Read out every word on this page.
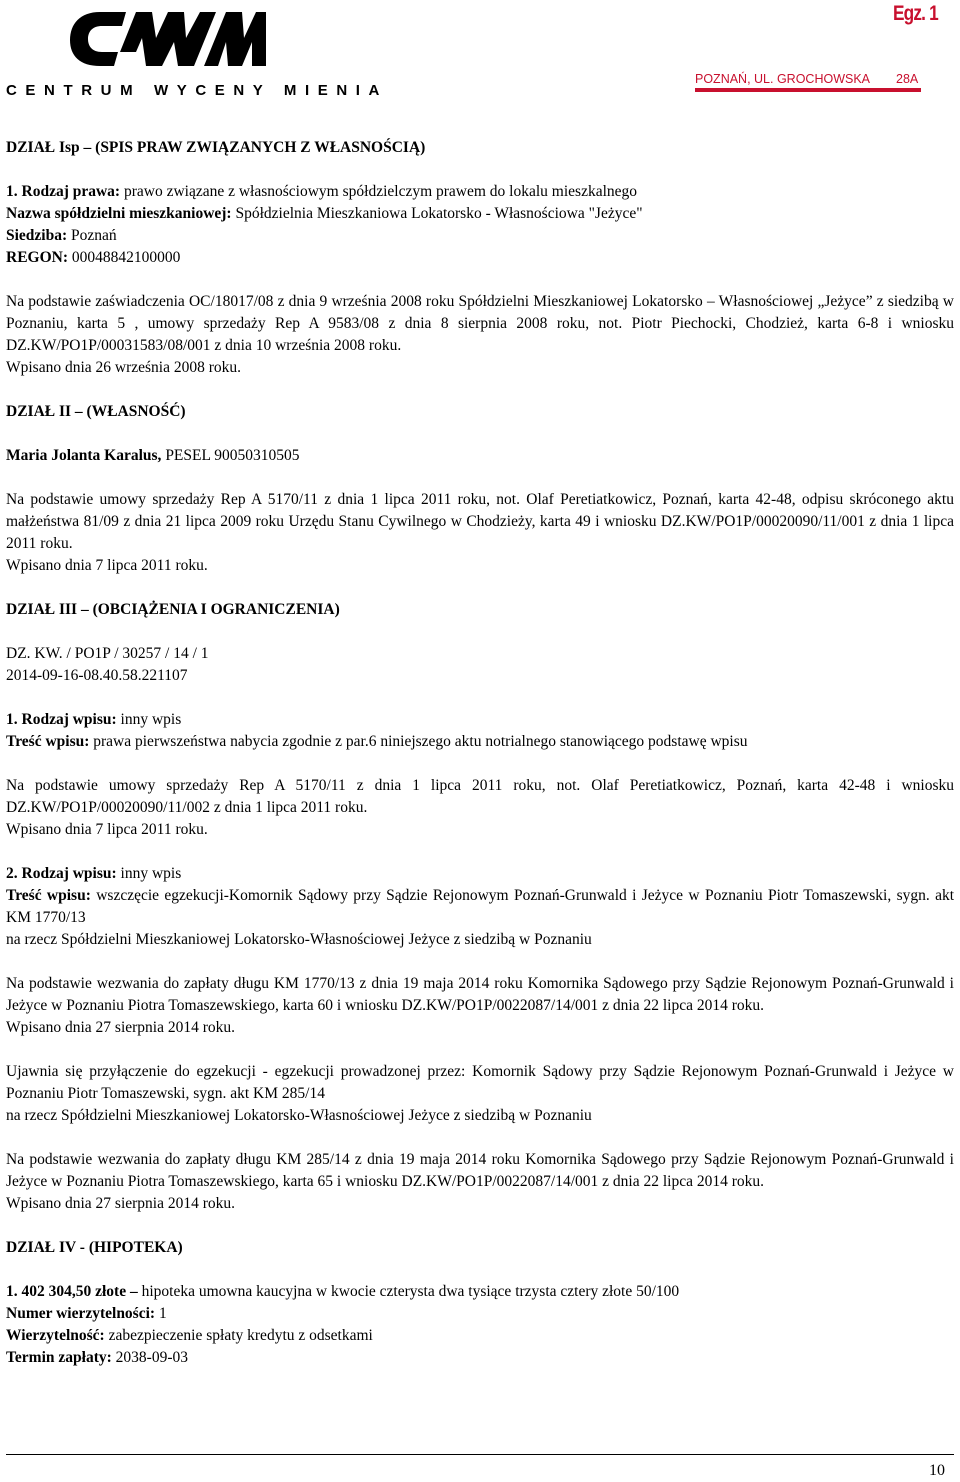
CENTRUM WYCENY MIENIA
Egz. 1
POZNAŃ, UL. GROCHOWSKA 28A

DZIAŁ Isp – (SPIS PRAW ZWIĄZANYCH Z WŁASNOŚCIĄ)

1. Rodzaj prawa: prawo związane z własnościowym spółdzielczym prawem do lokalu mieszkalnego

Nazwa spółdzielni mieszkaniowej: Spółdzielnia Mieszkaniowa Lokatorsko - Własnościowa "Jeżyce"

Siedziba: Poznań

REGON: 00048842100000

Na podstawie zaświadczenia OC/18017/08 z dnia 9 września 2008 roku Spółdzielni Mieszkaniowej Lokatorsko – Własnościowej „Jeżyce” z siedzibą w Poznaniu, karta 5 , umowy sprzedaży Rep A 9583/08 z dnia 8 sierpnia 2008 roku, not. Piotr Piechocki, Chodzież, karta 6-8 i wniosku DZ.KW/PO1P/00031583/08/001 z dnia 10 września 2008 roku.

Wpisano dnia 26 września 2008 roku.

DZIAŁ II – (WŁASNOŚĆ)

Maria Jolanta Karalus, PESEL 90050310505

Na podstawie umowy sprzedaży Rep A 5170/11 z dnia 1 lipca 2011 roku, not. Olaf Peretiatkowicz, Poznań, karta 42-48, odpisu skróconego aktu małżeństwa 81/09 z dnia 21 lipca 2009 roku Urzędu Stanu Cywilnego w Chodzieży, karta 49 i wniosku DZ.KW/PO1P/00020090/11/001 z dnia 1 lipca 2011 roku.

Wpisano dnia 7 lipca 2011 roku.

DZIAŁ III – (OBCIĄŻENIA I OGRANICZENIA)

DZ. KW. / PO1P / 30257 / 14 / 1

2014-09-16-08.40.58.221107

1. Rodzaj wpisu: inny wpis

Treść wpisu: prawa pierwszeństwa nabycia zgodnie z par.6 niniejszego aktu notrialnego stanowiącego podstawę wpisu

Na podstawie umowy sprzedaży Rep A 5170/11 z dnia 1 lipca 2011 roku, not. Olaf Peretiatkowicz, Poznań, karta 42-48 i wniosku DZ.KW/PO1P/00020090/11/002 z dnia 1 lipca 2011 roku.

Wpisano dnia 7 lipca 2011 roku.

2. Rodzaj wpisu: inny wpis

Treść wpisu: wszczęcie egzekucji-Komornik Sądowy przy Sądzie Rejonowym Poznań-Grunwald i Jeżyce w Poznaniu Piotr Tomaszewski, sygn. akt KM 1770/13

na rzecz Spółdzielni Mieszkaniowej Lokatorsko-Własnościowej Jeżyce z siedzibą w Poznaniu

Na podstawie wezwania do zapłaty długu KM 1770/13 z dnia 19 maja 2014 roku Komornika Sądowego przy Sądzie Rejonowym Poznań-Grunwald i Jeżyce w Poznaniu Piotra Tomaszewskiego, karta 60 i wniosku DZ.KW/PO1P/0022087/14/001 z dnia 22 lipca 2014 roku.

Wpisano dnia 27 sierpnia 2014 roku.

Ujawnia się przyłączenie do egzekucji - egzekucji prowadzonej przez: Komornik Sądowy przy Sądzie Rejonowym Poznań-Grunwald i Jeżyce w Poznaniu Piotr Tomaszewski, sygn. akt KM 285/14

na rzecz Spółdzielni Mieszkaniowej Lokatorsko-Własnościowej Jeżyce z siedzibą w Poznaniu

Na podstawie wezwania do zapłaty długu KM 285/14 z dnia 19 maja 2014 roku Komornika Sądowego przy Sądzie Rejonowym Poznań-Grunwald i Jeżyce w Poznaniu Piotra Tomaszewskiego, karta 65 i wniosku DZ.KW/PO1P/0022087/14/001 z dnia 22 lipca 2014 roku.

Wpisano dnia 27 sierpnia 2014 roku.

DZIAŁ IV - (HIPOTEKA)

1. 402 304,50 złote – hipoteka umowna kaucyjna w kwocie czterysta dwa tysiące trzysta cztery złote 50/100

Numer wierzytelności: 1

Wierzytelność: zabezpieczenie spłaty kredytu z odsetkami

Termin zapłaty: 2038-09-03

10
